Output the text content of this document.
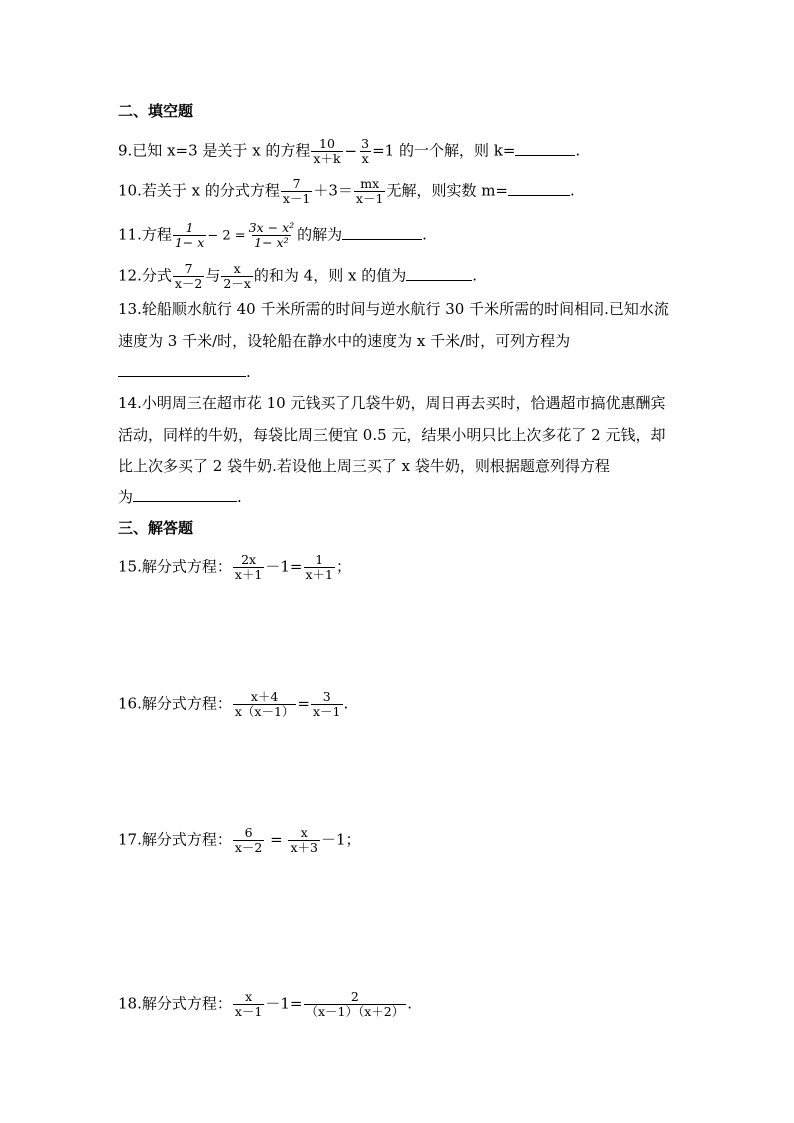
二、填空题
9.已知 x=3 是关于 x 的方程 $\frac{10}{x+k} - \frac{3}{x} =1$ 的一个解，则 k=	.
10.若关于 x 的分式方程 $\frac{7}{x-1} +3= \frac{mx}{x-1}$ 无解，则实数 m=	.
11.方程 $\frac{1}{1- x} - 2 = \frac{\text{3x − x²}}{\text{1− x²}}$ 的解为	.
12.分式 $\frac{7}{x-2}$ 与 $\frac{x}{2-x}$ 的和为 4，则 x 的值为	.
13.轮船顺水航行 40 千米所需的时间与逆水航行 30 千米所需的时间相同.已知水流
速度为 3 千米/时，设轮船在静水中的速度为 x 千米/时，可列方程为
.
14.小明周三在超市花 10 元钱买了几袋牛奶，周日再去买时，恰遇超市搞优惠酬宾
活动，同样的牛奶，每袋比周三便宜 0.5 元，结果小明只比上次多花了 2 元钱，却
比上次多买了 2 袋牛奶.若设他上周三买了 x 袋牛奶，则根据题意列得方程
为	.
三、解答题
15.解分式方程： $\frac{2x}{x+1} -1= \frac{1}{x+1}$ ；
16.解分式方程： $\frac{x+4}{x(x-1)} = \frac{3}{x-1}$ .
17.解分式方程： $\frac{6}{x-2} = \frac{x}{x+3} -1$；
18.解分式方程： $\frac{x}{x-1} -1= \frac{2}{(x-1)(x+2)}$ .
